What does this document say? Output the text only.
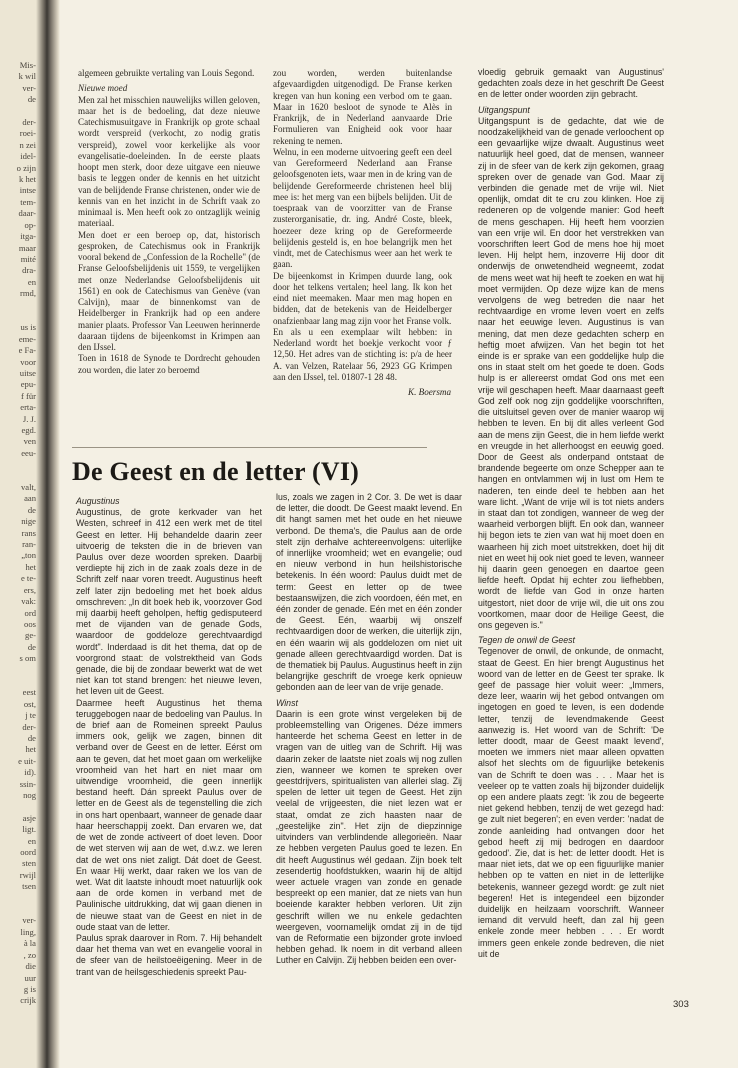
Mis-
k wil
ver-
de

der-
roei-
n zei
idel-
o zijn
k het
intse
tem-
daar-
op-
itga-
maar
mité
dra-
en
rmd,

us is
eme-
e Fa-
voor
uitse
epu-
f für
erta-
J. J.
egd.
ven
eeu-

valt,
aan
de
nige
rans
ran-
„ton
het
e te-
ers,
vak:
ord
oos
ge-
de
s om

eest
ost,
j te
der-
de
het
e uit-
id).
ssin-
nog

asje
ligt.
en
oord
sten
rwijl
tsen

ver-
ling,
à la
, zo
die
uur
g is
crijk

algemeen gebruikte vertaling van Louis Segond.

Nieuwe moed

Men zal het misschien nauwelijks willen geloven, maar het is de bedoeling, dat deze nieuwe Catechismusuitgave in Frankrijk op grote schaal wordt verspreid (verkocht, zo nodig gratis verspreid), zowel voor kerkelijke als voor evangelisatie-doeleinden. In de eerste plaats hoopt men sterk, door deze uitgave een nieuwe basis te leggen onder de kennis en het uitzicht van de belijdende Franse christenen, onder wie de kennis van en het inzicht in de Schrift vaak zo minimaal is. Men heeft ook zo ontzaglijk weinig materiaal.

Men doet er een beroep op, dat, historisch gesproken, de Catechismus ook in Frankrijk vooral bekend de „Confession de la Rochelle" (de Franse Geloofsbelijdenis uit 1559, te vergelijken met onze Nederlandse Geloofsbelijdenis uit 1561) en ook de Catechismus van Genève (van Calvijn), maar de binnenkomst van de Heidelberger in Frankrijk had op een andere manier plaats. Professor Van Leeuwen herinnerde daaraan tijdens de bijeenkomst in Krimpen aan den IJssel.

Toen in 1618 de Synode te Dordrecht gehouden zou worden, die later zo beroemd

zou worden, werden buitenlandse afgevaardigden uitgenodigd. De Franse kerken kregen van hun koning een verbod om te gaan. Maar in 1620 besloot de synode te Alès in Frankrijk, de in Nederland aanvaarde Drie Formulieren van Enigheid ook voor haar rekening te nemen.

Welnu, in een moderne uitvoering geeft een deel van Gereformeerd Nederland aan Franse geloofsgenoten iets, waar men in de kring van de belijdende Gereformeerde christenen heel blij mee is: het merg van een bijbels belijden. Uit de toespraak van de voorzitter van de Franse zusterorganisatie, dr. ing. André Coste, bleek, hoezeer deze kring op de Gereformeerde belijdenis gesteld is, en hoe belangrijk men het vindt, met de Catechismus weer aan het werk te gaan.

De bijeenkomst in Krimpen duurde lang, ook door het telkens vertalen; heel lang. Ik kon het eind niet meemaken. Maar men mag hopen en bidden, dat de betekenis van de Heidelberger onafzienbaar lang mag zijn voor het Franse volk.

En als u een exemplaar wilt hebben: in Nederland wordt het boekje verkocht voor ƒ 12,50. Het adres van de stichting is: p/a de heer A. van Velzen, Ratelaar 56, 2923 GG Krimpen aan den IJssel, tel. 01807-1 28 48.

K. Boersma
De Geest en de letter (VI)

Augustinus

Augustinus, de grote kerkvader van het Westen, schreef in 412 een werk met de titel Geest en letter. Hij behandelde daarin zeer uitvoerig de teksten die in de brieven van Paulus over deze woorden spreken. Daarbij verdiepte hij zich in de zaak zoals deze in de Schrift zelf naar voren treedt. Augustinus heeft zelf later zijn bedoeling met het boek aldus omschreven: „In dit boek heb ik, voorzover God mij daarbij heeft geholpen, heftig gedisputeerd met de vijanden van de genade Gods, waardoor de goddeloze gerechtvaardigd wordt". Inderdaad is dit het thema, dat op de voorgrond staat: de volstrektheid van Gods genade, die bij de zondaar bewerkt wat de wet niet kan tot stand brengen: het nieuwe leven, het leven uit de Geest.

Daarmee heeft Augustinus het thema teruggebogen naar de bedoeling van Paulus. In de brief aan de Romeinen spreekt Paulus immers ook, gelijk we zagen, binnen dit verband over de Geest en de letter. Eérst om aan te geven, dat het moet gaan om werkelijke vroomheid van het hart en niet maar om uitwendige vroomheid, die geen innerlijk bestand heeft. Dán spreekt Paulus over de letter en de Geest als de tegenstelling die zich in ons hart openbaart, wanneer de genade daar haar heerschappij zoekt. Dan ervaren we, dat de wet de zonde activeert of doet leven. Door de wet sterven wij aan de wet, d.w.z. we leren dat de wet ons niet zaligt. Dát doet de Geest. En waar Hij werkt, daar raken we los van de wet. Wat dit laatste inhoudt moet natuurlijk ook aan de orde komen in verband met de Paulinische uitdrukking, dat wij gaan dienen in de nieuwe staat van de Geest en niet in de oude staat van de letter.

Paulus sprak daarover in Rom. 7. Hij behandelt daar het thema van wet en evangelie vooral in de sfeer van de heilstoeëigening. Meer in de trant van de heilsgeschiedenis spreekt Pau-

lus, zoals we zagen in 2 Cor. 3. De wet is daar de letter, die doodt. De Geest maakt levend. En dit hangt samen met het oude en het nieuwe verbond. De thema's, die Paulus aan de orde stelt zijn derhalve achtereenvolgens: uiterlijke of innerlijke vroomheid; wet en evangelie; oud en nieuw verbond in hun heilshistorische betekenis. In één woord: Paulus duidt met de term: Geest en letter op de twee bestaanswijzen, die zich voordoen, één met, en één zonder de genade. Eén met en één zonder de Geest. Eén, waarbij wij onszelf rechtvaardigen door de werken, die uiterlijk zijn, en één waarin wij als goddelozen om niet uit genade alleen gerechtvaardigd worden. Dat is de thematiek bij Paulus. Augustinus heeft in zijn belangrijke geschrift de vroege kerk opnieuw gebonden aan de leer van de vrije genade.

Winst

Daarin is een grote winst vergeleken bij de probleemstelling van Origenes. Déze immers hanteerde het schema Geest en letter in de vragen van de uitleg van de Schrift. Hij was daarin zeker de laatste niet zoals wij nog zullen zien, wanneer we komen te spreken over geestdrijvers, spiritualisten van allerlei slag. Zij spelen de letter uit tegen de Geest. Het zijn veelal de vrijgeesten, die niet lezen wat er staat, omdat ze zich haasten naar de „geestelijke zin". Het zijn de diepzinnige uitvinders van verblindende allegorieën. Naar ze hebben vergeten Paulus goed te lezen. En dit heeft Augustinus wél gedaan. Zijn boek telt zesendertig hoofdstukken, waarin hij de altijd weer actuele vragen van zonde en genade bespreekt op een manier, dat ze niets van hun boeiende karakter hebben verloren. Uit zijn geschrift willen we nu enkele gedachten weergeven, voornamelijk omdat zij in de tijd van de Reformatie een bijzonder grote invloed hebben gehad. Ik noem in dit verband alleen Luther en Calvijn. Zij hebben beiden een over-

vloedig gebruik gemaakt van Augustinus' gedachten zoals deze in het geschrift De Geest en de letter onder woorden zijn gebracht.

Uitgangspunt

Uitgangspunt is de gedachte, dat wie de noodzakelijkheid van de genade verloochent op een gevaarlijke wijze dwaalt. Augustinus weet natuurlijk heel goed, dat de mensen, wanneer zij in de sfeer van de kerk zijn gekomen, graag spreken over de genade van God. Maar zij verbinden die genade met de vrije wil. Niet openlijk, omdat dit te cru zou klinken. Hoe zij redeneren op de volgende manier: God heeft de mens geschapen. Hij heeft hem voorzien van een vrije wil. En door het verstrekken van voorschriften leert God de mens hoe hij moet leven. Hij helpt hem, inzoverre Hij door dit onderwijs de onwetendheid wegneemt, zodat de mens weet wat hij heeft te zoeken en wat hij moet vermijden. Op deze wijze kan de mens vervolgens de weg betreden die naar het rechtvaardige en vrome leven voert en zelfs naar het eeuwige leven. Augustinus is van mening, dat men deze gedachten scherp en heftig moet afwijzen. Van het begin tot het einde is er sprake van een goddelijke hulp die ons in staat stelt om het goede te doen. Gods hulp is er allereerst omdat God ons met een vrije wil geschapen heeft. Maar daarnaast geeft God zelf ook nog zijn goddelijke voorschriften, die uitsluitsel geven over de manier waarop wij hebben te leven. En bij dit alles verleent God aan de mens zijn Geest, die in hem liefde werkt en vreugde in het allerhoogst en eeuwig goed. Door de Geest als onderpand ontstaat de brandende begeerte om onze Schepper aan te hangen en ontvlammen wij in lust om Hem te naderen, ten einde deel te hebben aan het ware licht. „Want de vrije wil is tot niets anders in staat dan tot zondigen, wanneer de weg der waarheid verborgen blijft. En ook dan, wanneer hij begon iets te zien van wat hij moet doen en waarheen hij zich moet uitstrekken, doet hij dit niet en weet hij ook niet goed te leven, wanneer hij daarin geen genoegen en daartoe geen liefde heeft. Opdat hij echter zou liefhebben, wordt de liefde van God in onze harten uitgestort, niet door de vrije wil, die uit ons zou voortkomen, maar door de Heilige Geest, die ons gegeven is."

Tegen de onwil de Geest

Tegenover de onwil, de onkunde, de onmacht, staat de Geest. En hier brengt Augustinus het woord van de letter en de Geest ter sprake. Ik geef de passage hier voluit weer: „Immers, deze leer, waarin wij het gebod ontvangen om ingetogen en goed te leven, is een dodende letter, tenzij de levendmakende Geest aanwezig is. Het woord van de Schrift: 'De letter doodt, maar de Geest maakt levend', moeten we immers niet maar alleen opvatten alsof het slechts om de figuurlijke betekenis van de Schrift te doen was . . . Maar het is veeleer op te vatten zoals hij bijzonder duidelijk op een andere plaats zegt: 'ik zou de begeerte niet gekend hebben, tenzij de wet gezegd had: ge zult niet begeren'; en even verder: 'nadat de zonde aanleiding had ontvangen door het gebod heeft zij mij bedrogen en daardoor gedood'. Zie, dat is het: de letter doodt. Het is maar niet iets, dat we op een figuurlijke manier hebben op te vatten en niet in de letterlijke betekenis, wanneer gezegd wordt: ge zult niet begeren! Het is integendeel een bijzonder duidelijk en heilzaam voorschrift. Wanneer iemand dit vervuld heeft, dan zal hij geen enkele zonde meer hebben . . . Er wordt immers geen enkele zonde bedreven, die niet uit de

303
